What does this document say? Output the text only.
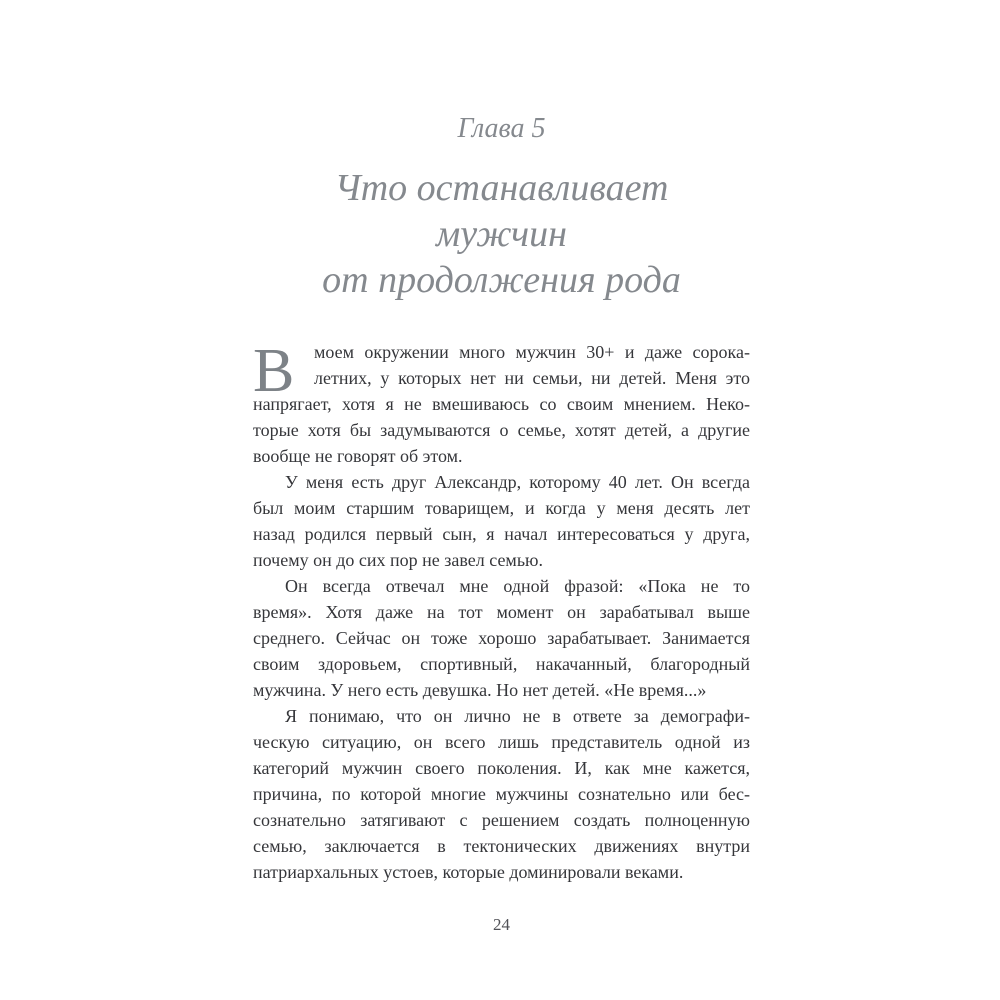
Глава 5
Что останавливает
мужчин
от продолжения рода
В	моем окружении много мужчин 30+ и даже сорока-
летних, у которых нет ни семьи, ни детей. Меня это
напрягает, хотя я не вмешиваюсь со своим мнением. Неко-
торые хотя бы задумываются о семье, хотят детей, а другие
вообще не говорят об этом.
У меня есть друг Александр, которому 40 лет. Он всегда
был моим старшим товарищем, и когда у меня десять лет
назад родился первый сын, я начал интересоваться у друга,
почему он до сих пор не завел семью.
Он всегда отвечал мне одной фразой: «Пока не то
время». Хотя даже на тот момент он зарабатывал выше
среднего. Сейчас он тоже хорошо зарабатывает. Занимается
своим здоровьем, спортивный, накачанный, благородный
мужчина. У него есть девушка. Но нет детей. «Не время...»
Я понимаю, что он лично не в ответе за демографи-
ческую ситуацию, он всего лишь представитель одной из
категорий мужчин своего поколения. И, как мне кажется,
причина, по которой многие мужчины сознательно или бес-
сознательно затягивают с решением создать полноценную
семью, заключается в тектонических движениях внутри
патриархальных устоев, которые доминировали веками.
24
